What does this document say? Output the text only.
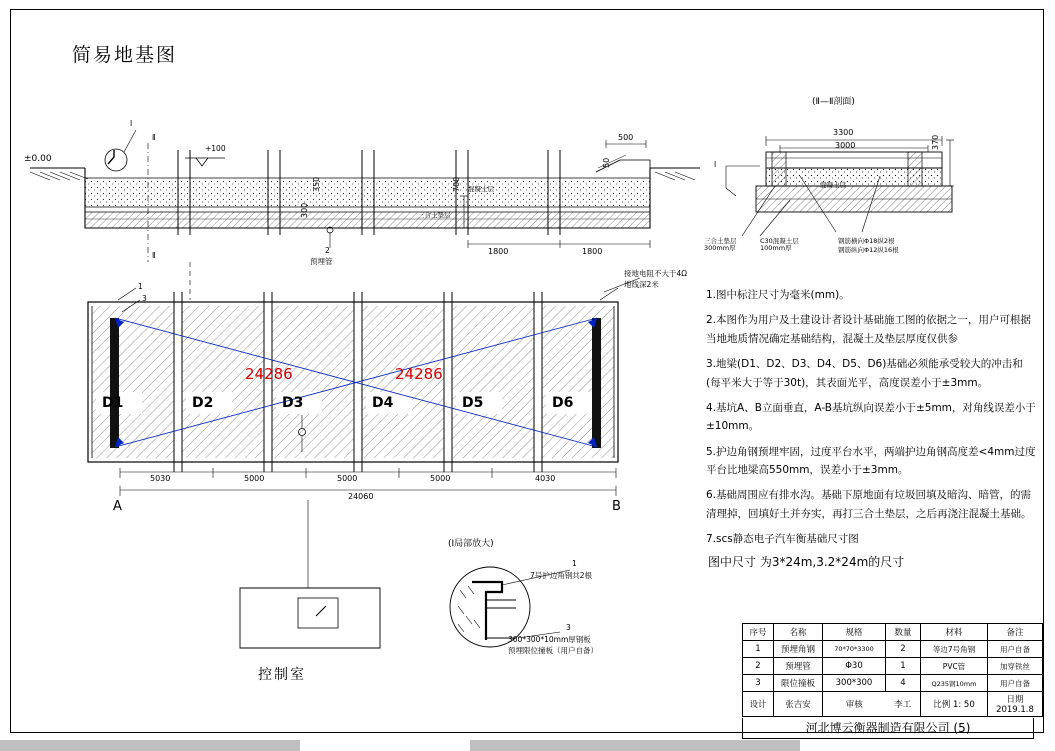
简易地基图
±0.00
Ⅰ
Ⅱ
Ⅱ
+100
1800	1800
500
700
300
350
50
混凝土层
三合土垫层
2
预埋管
1
3
接地电阻不大于4Ω
地线深2米
D1	D2	D3	D4	D5	D6
24286	24286
5030	5000	5000	5000	4030
24060
A	B
控制室
(Ⅱ—Ⅱ剖面)
3300
3000	370
混凝土层
Ⅰ
三合土垫层
300mm厚
C30混凝土层
100mm厚
钢筋横向Φ18纵2根
钢筋纵向Φ12纵16根
(Ⅰ局部放大)
1
7号护边角钢共2根
3
300*300*10mm厚钢板
预埋限位撞板（用户自备）

1.图中标注尺寸为毫米(mm)。

2.本图作为用户及土建设计者设计基础施工图的依据之一，用户可根据当地地质情况确定基础结构，混凝土及垫层厚度仅供参

3.地梁(D1、D2、D3、D4、D5、D6)基础必须能承受较大的冲击和(每平米大于等于30t)，其表面光平，高度误差小于±3mm。

4.基坑A、B立面垂直，A-B基坑纵向误差小于±5mm，对角线误差小于±10mm。

5.护边角钢预埋牢固，过度平台水平，两端护边角钢高度差<4mm过度平台比地梁高550mm，误差小于±3mm。

6.基础周围应有排水沟。基础下原地面有垃圾回填及暗沟、暗管，的需清理掉，回填好土并夯实，再打三合土垫层，之后再浇注混凝土基础。

7.scs静态电子汽车衡基础尺寸图

图中尺寸 为3*24m,3.2*24m的尺寸
序号	名称	规格	数量	材料	备注
1	预埋角钢	70*70*3300	2	等边7号角钢	用户自备
2	预埋管	Φ30	1	PVC管	加穿铁丝
3	限位撞板	300*300	4	Q235钢10mm	用户自备
设计	张吉安	审核	李工	比例 1: 50	日期 2019.1.8
河北博云衡器制造有限公司 (5)
